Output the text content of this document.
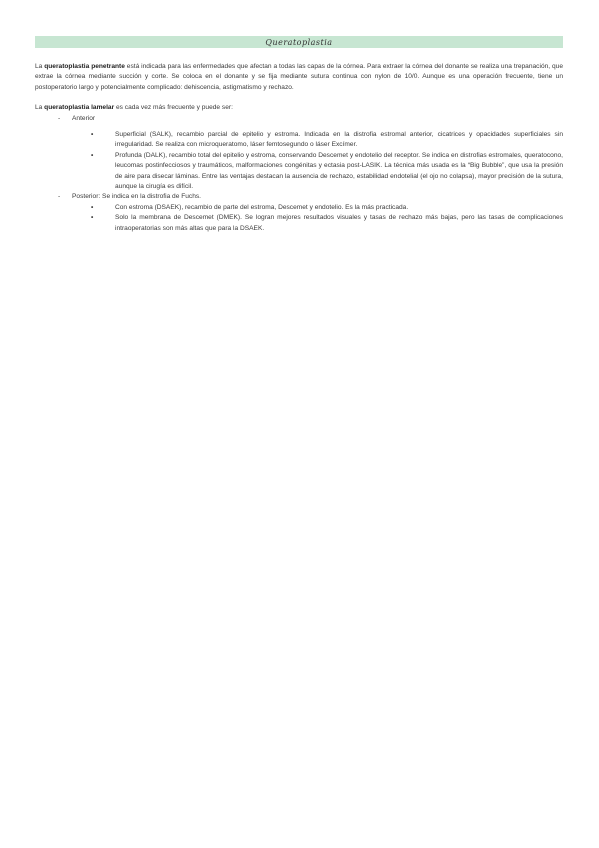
Queratoplastia

La queratoplastia penetrante está indicada para las enfermedades que afectan a todas las capas de la córnea. Para extraer la córnea del donante se realiza una trepanación, que extrae la córnea mediante succión y corte. Se coloca en el donante y se fija mediante sutura continua con nylon de 10/0. Aunque es una operación frecuente, tiene un postoperatorio largo y potencialmente complicado: dehiscencia, astigmatismo y rechazo.

La queratoplastia lamelar es cada vez más frecuente y puede ser:

-	Anterior
•	Superficial (SALK), recambio parcial de epitelio y estroma. Indicada en la distrofia estromal anterior, cicatrices y opacidades superficiales sin irregularidad. Se realiza con microqueratomo, láser femtosegundo o láser Excímer.
•	Profunda (DALK), recambio total del epitelio y estroma, conservando Descemet y endotelio del receptor. Se indica en distrofias estromales, queratocono, leucomas postinfecciosos y traumáticos, malformaciones congénitas y ectasia post-LASIK. La técnica más usada es la “Big Bubble”, que usa la presión de aire para disecar láminas. Entre las ventajas destacan la ausencia de rechazo, estabilidad endotelial (el ojo no colapsa), mayor precisión de la sutura, aunque la cirugía es difícil.
-	Posterior: Se indica en la distrofia de Fuchs.
•	Con estroma (DSAEK), recambio de parte del estroma, Descemet y endotelio. Es la más practicada.
•	Solo la membrana de Descemet (DMEK). Se logran mejores resultados visuales y tasas de rechazo más bajas, pero las tasas de complicaciones intraoperatorias son más altas que para la DSAEK.
